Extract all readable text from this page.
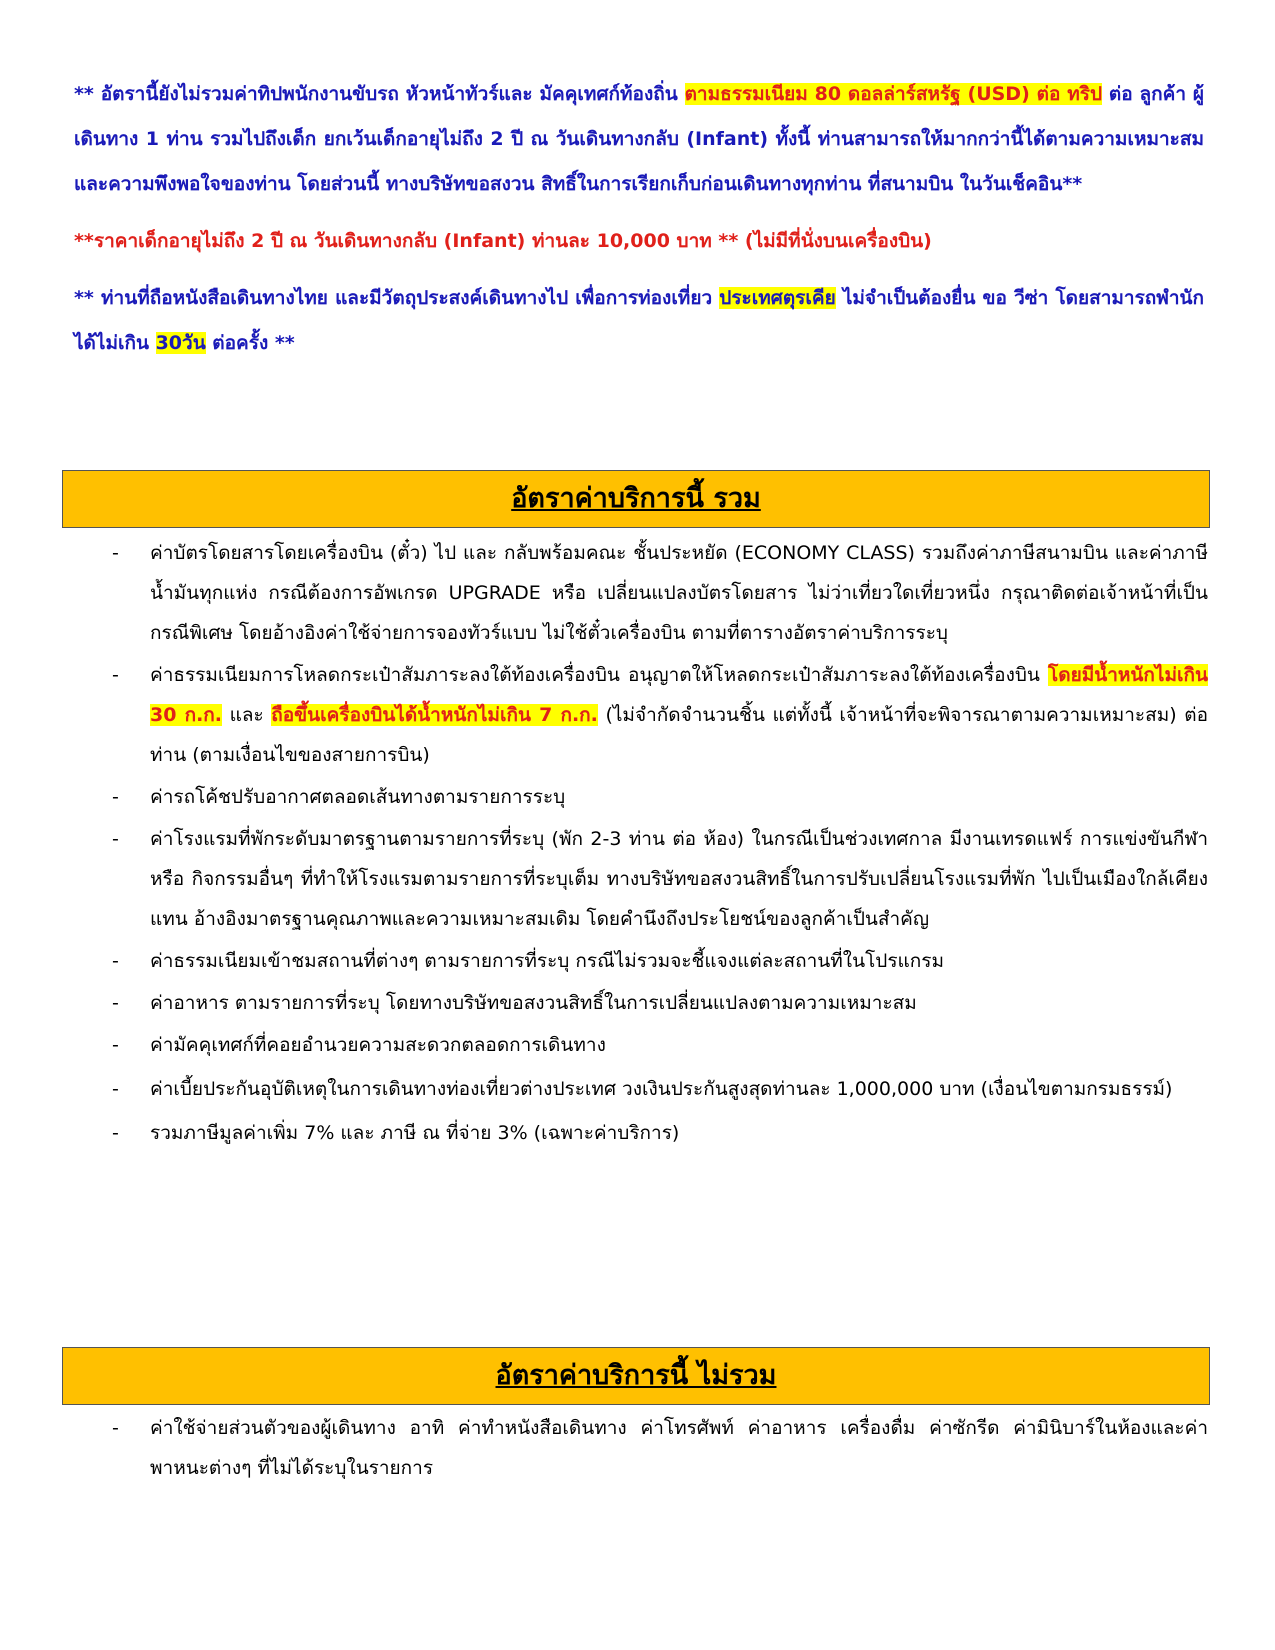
** อัตรานี้ยังไม่รวมค่าทิปพนักงานขับรถ หัวหน้าทัวร์และ มัคคุเทศก์ท้องถิ่น ตามธรรมเนียม 80 ดอลล่าร์สหรัฐ (USD) ต่อ ทริป ต่อ ลูกค้า ผู้เดินทาง 1 ท่าน รวมไปถึงเด็ก ยกเว้นเด็กอายุไม่ถึง 2 ปี ณ วันเดินทางกลับ (Infant) ทั้งนี้ ท่านสามารถให้มากกว่านี้ได้ตามความเหมาะสมและความพึงพอใจของท่าน โดยส่วนนี้ ทางบริษัทขอสงวน สิทธิ์ในการเรียกเก็บก่อนเดินทางทุกท่าน ที่สนามบิน ในวันเช็คอิน**

**ราคาเด็กอายุไม่ถึง 2 ปี ณ วันเดินทางกลับ (Infant) ท่านละ 10,000 บาท ** (ไม่มีที่นั่งบนเครื่องบิน)

** ท่านที่ถือหนังสือเดินทางไทย และมีวัตถุประสงค์เดินทางไป เพื่อการท่องเที่ยว ประเทศตุรเคีย ไม่จำเป็นต้องยื่น ขอ วีซ่า โดยสามารถพำนักได้ไม่เกิน 30วัน ต่อครั้ง **

อัตราค่าบริการนี้ รวม
- ค่าบัตรโดยสารโดยเครื่องบิน (ตั๋ว) ไป และ กลับพร้อมคณะ ชั้นประหยัด (ECONOMY CLASS) รวมถึงค่าภาษีสนามบิน และค่าภาษีน้ำมันทุกแห่ง กรณีต้องการอัพเกรด UPGRADE หรือ เปลี่ยนแปลงบัตรโดยสาร ไม่ว่าเที่ยวใดเที่ยวหนึ่ง กรุณาติดต่อเจ้าหน้าที่เป็นกรณีพิเศษ โดยอ้างอิงค่าใช้จ่ายการจองทัวร์แบบ ไม่ใช้ตั๋วเครื่องบิน ตามที่ตารางอัตราค่าบริการระบุ
- ค่าธรรมเนียมการโหลดกระเป๋าสัมภาระลงใต้ท้องเครื่องบิน อนุญาตให้โหลดกระเป๋าสัมภาระลงใต้ท้องเครื่องบิน โดยมีน้ำหนักไม่เกิน 30 ก.ก. และ ถือขึ้นเครื่องบินได้น้ำหนักไม่เกิน 7 ก.ก. (ไม่จำกัดจำนวนชิ้น แต่ทั้งนี้ เจ้าหน้าที่จะพิจารณาตามความเหมาะสม) ต่อท่าน (ตามเงื่อนไขของสายการบิน)
- ค่ารถโค้ชปรับอากาศตลอดเส้นทางตามรายการระบุ
- ค่าโรงแรมที่พักระดับมาตรฐานตามรายการที่ระบุ (พัก 2-3 ท่าน ต่อ ห้อง) ในกรณีเป็นช่วงเทศกาล มีงานเทรดแฟร์ การแข่งขันกีฬา หรือ กิจกรรมอื่นๆ ที่ทำให้โรงแรมตามรายการที่ระบุเต็ม ทางบริษัทขอสงวนสิทธิ์ในการปรับเปลี่ยนโรงแรมที่พัก ไปเป็นเมืองใกล้เคียงแทน อ้างอิงมาตรฐานคุณภาพและความเหมาะสมเดิม โดยคำนึงถึงประโยชน์ของลูกค้าเป็นสำคัญ
- ค่าธรรมเนียมเข้าชมสถานที่ต่างๆ ตามรายการที่ระบุ กรณีไม่รวมจะชี้แจงแต่ละสถานที่ในโปรแกรม
- ค่าอาหาร ตามรายการที่ระบุ โดยทางบริษัทขอสงวนสิทธิ์ในการเปลี่ยนแปลงตามความเหมาะสม
- ค่ามัคคุเทศก์ที่คอยอำนวยความสะดวกตลอดการเดินทาง
- ค่าเบี้ยประกันอุบัติเหตุในการเดินทางท่องเที่ยวต่างประเทศ วงเงินประกันสูงสุดท่านละ 1,000,000 บาท (เงื่อนไขตามกรมธรรม์)
- รวมภาษีมูลค่าเพิ่ม 7% และ ภาษี ณ ที่จ่าย 3% (เฉพาะค่าบริการ)
อัตราค่าบริการนี้ ไม่รวม
- ค่าใช้จ่ายส่วนตัวของผู้เดินทาง อาทิ ค่าทำหนังสือเดินทาง ค่าโทรศัพท์ ค่าอาหาร เครื่องดื่ม ค่าซักรีด ค่ามินิบาร์ในห้องและค่าพาหนะต่างๆ ที่ไม่ได้ระบุในรายการ
